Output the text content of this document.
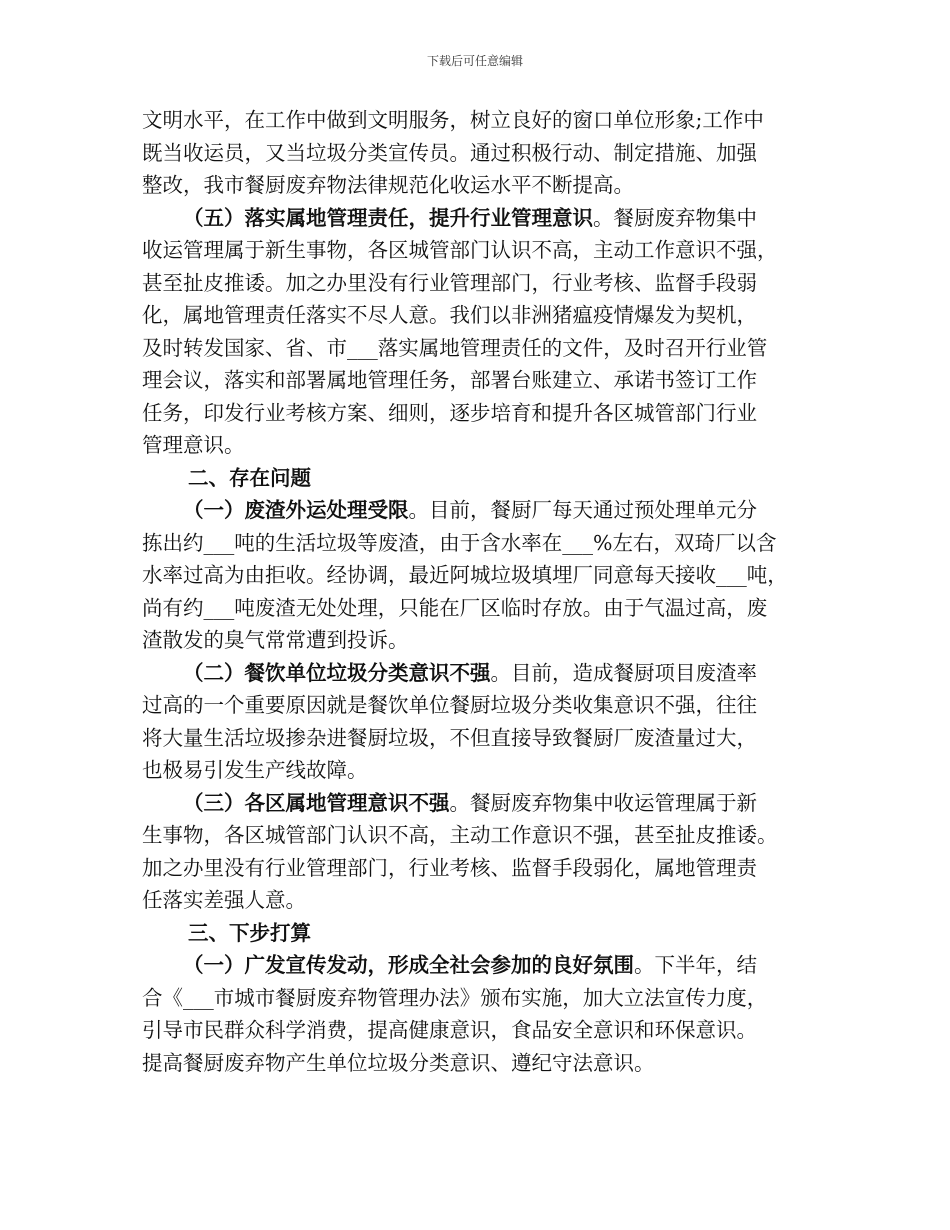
下载后可任意编辑
文明水平，在工作中做到文明服务，树立良好的窗口单位形象;工作中
既当收运员，又当垃圾分类宣传员。通过积极行动、制定措施、加强
整改，我市餐厨废弃物法律规范化收运水平不断提高。
（五）落实属地管理责任，提升行业管理意识。餐厨废弃物集中
收运管理属于新生事物，各区城管部门认识不高，主动工作意识不强，
甚至扯皮推诿。加之办里没有行业管理部门，行业考核、监督手段弱
化，属地管理责任落实不尽人意。我们以非洲猪瘟疫情爆发为契机，
及时转发国家、省、市___落实属地管理责任的文件，及时召开行业管
理会议，落实和部署属地管理任务，部署台账建立、承诺书签订工作
任务，印发行业考核方案、细则，逐步培育和提升各区城管部门行业
管理意识。
二、存在问题
（一）废渣外运处理受限。目前，餐厨厂每天通过预处理单元分
拣出约___吨的生活垃圾等废渣，由于含水率在___%左右，双琦厂以含
水率过高为由拒收。经协调，最近阿城垃圾填埋厂同意每天接收___吨，
尚有约___吨废渣无处处理，只能在厂区临时存放。由于气温过高，废
渣散发的臭气常常遭到投诉。
（二）餐饮单位垃圾分类意识不强。目前，造成餐厨项目废渣率
过高的一个重要原因就是餐饮单位餐厨垃圾分类收集意识不强，往往
将大量生活垃圾掺杂进餐厨垃圾，不但直接导致餐厨厂废渣量过大，
也极易引发生产线故障。
（三）各区属地管理意识不强。餐厨废弃物集中收运管理属于新
生事物，各区城管部门认识不高，主动工作意识不强，甚至扯皮推诿。
加之办里没有行业管理部门，行业考核、监督手段弱化，属地管理责
任落实差强人意。
三、下步打算
（一）广发宣传发动，形成全社会参加的良好氛围。下半年，结
合《___市城市餐厨废弃物管理办法》颁布实施，加大立法宣传力度，
引导市民群众科学消费，提高健康意识，食品安全意识和环保意识。
提高餐厨废弃物产生单位垃圾分类意识、遵纪守法意识。
